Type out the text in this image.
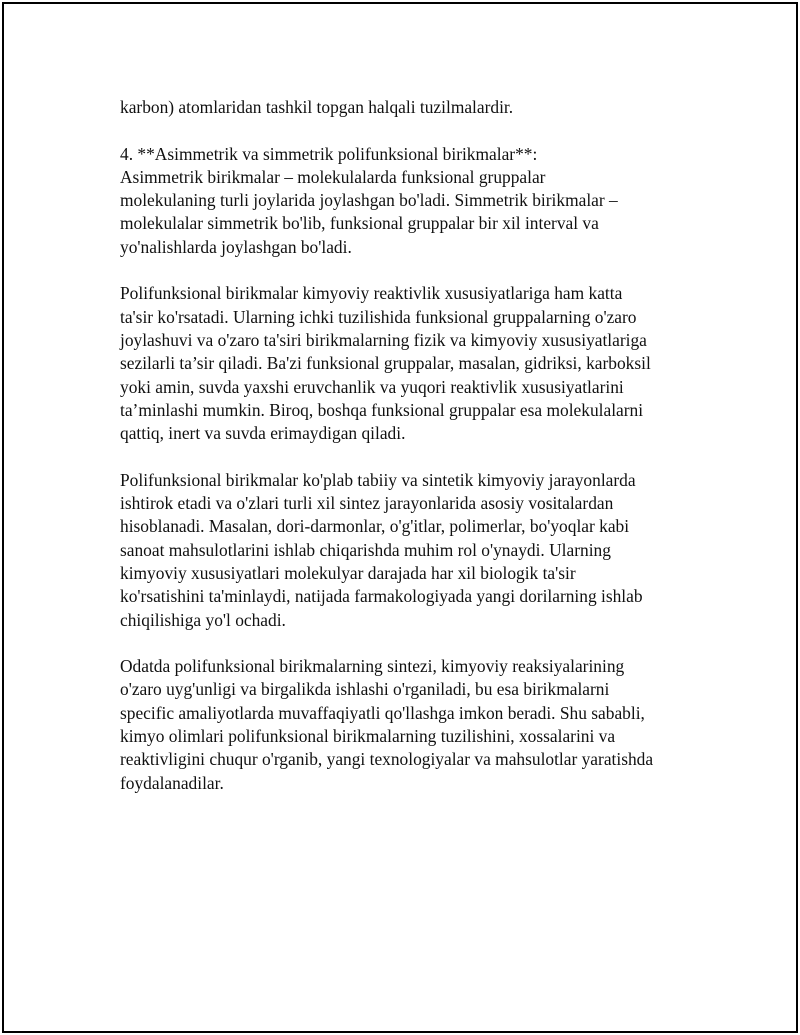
karbon) atomlaridan tashkil topgan halqali tuzilmalardir.

4. **Asimmetrik va simmetrik polifunksional birikmalar**:
Asimmetrik birikmalar – molekulalarda funksional gruppalar
molekulaning turli joylarida joylashgan bo'ladi. Simmetrik birikmalar –
molekulalar simmetrik bo'lib, funksional gruppalar bir xil interval va
yo'nalishlarda joylashgan bo'ladi.

Polifunksional birikmalar kimyoviy reaktivlik xususiyatlariga ham katta
ta'sir ko'rsatadi. Ularning ichki tuzilishida funksional gruppalarning o'zaro
joylashuvi va o'zaro ta'siri birikmalarning fizik va kimyoviy xususiyatlariga
sezilarli ta’sir qiladi. Ba'zi funksional gruppalar, masalan, gidriksi, karboksil
yoki amin, suvda yaxshi eruvchanlik va yuqori reaktivlik xususiyatlarini
ta’minlashi mumkin. Biroq, boshqa funksional gruppalar esa molekulalarni
qattiq, inert va suvda erimaydigan qiladi.

Polifunksional birikmalar ko'plab tabiiy va sintetik kimyoviy jarayonlarda
ishtirok etadi va o'zlari turli xil sintez jarayonlarida asosiy vositalardan
hisoblanadi. Masalan, dori-darmonlar, o'g'itlar, polimerlar, bo'yoqlar kabi
sanoat mahsulotlarini ishlab chiqarishda muhim rol o'ynaydi. Ularning
kimyoviy xususiyatlari molekulyar darajada har xil biologik ta'sir
ko'rsatishini ta'minlaydi, natijada farmakologiyada yangi dorilarning ishlab
chiqilishiga yo'l ochadi.

Odatda polifunksional birikmalarning sintezi, kimyoviy reaksiyalarining
o'zaro uyg'unligi va birgalikda ishlashi o'rganiladi, bu esa birikmalarni
specific amaliyotlarda muvaffaqiyatli qo'llashga imkon beradi. Shu sababli,
kimyo olimlari polifunksional birikmalarning tuzilishini, xossalarini va
reaktivligini chuqur o'rganib, yangi texnologiyalar va mahsulotlar yaratishda
foydalanadilar.
